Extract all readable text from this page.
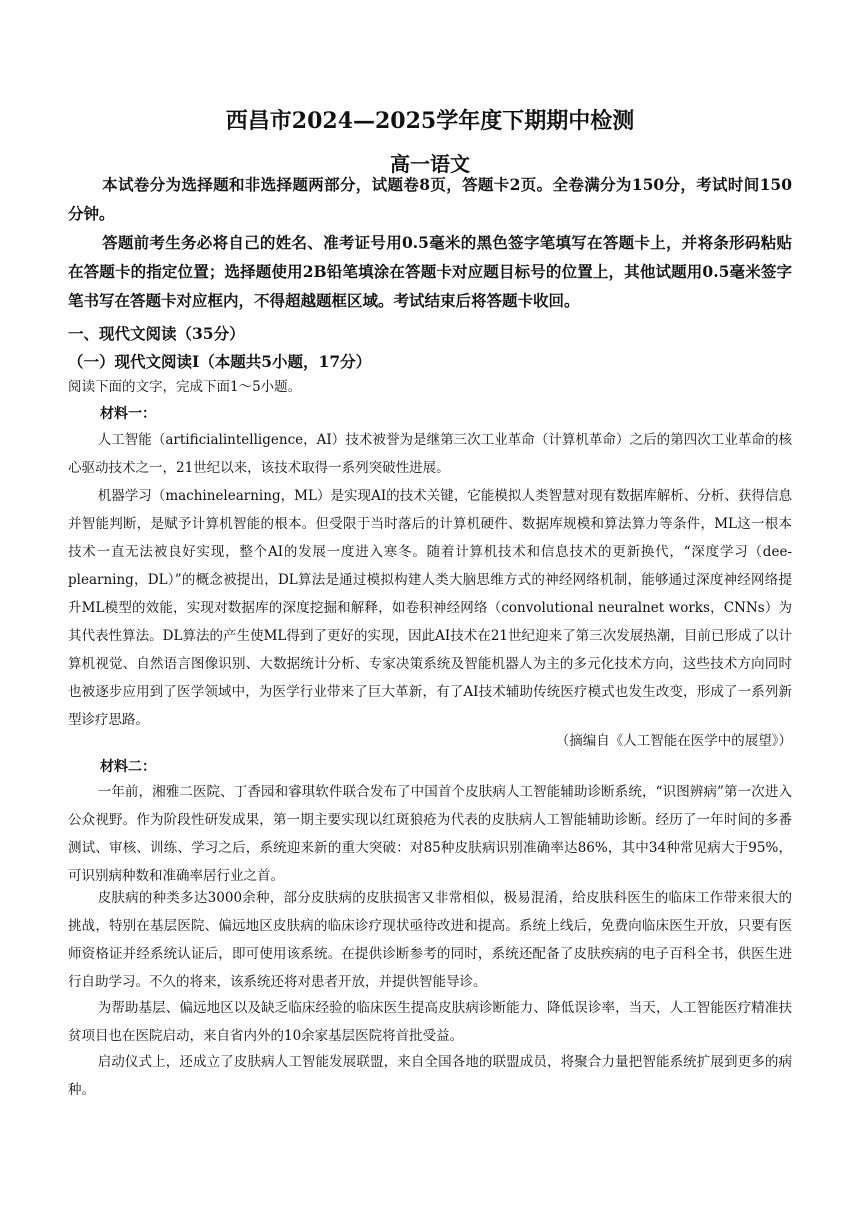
西昌市2024—2025学年度下期期中检测
高一语文

本试卷分为选择题和非选择题两部分，试题卷8页，答题卡2页。全卷满分为150分，考试时间150分钟。

答题前考生务必将自己的姓名、准考证号用0.5毫米的黑色签字笔填写在答题卡上，并将条形码粘贴在答题卡的指定位置；选择题使用2B铅笔填涂在答题卡对应题目标号的位置上，其他试题用0.5毫米签字笔书写在答题卡对应框内，不得超越题框区域。考试结束后将答题卡收回。

一、现代文阅读（35分）
（一）现代文阅读Ⅰ（本题共5小题，17分）
阅读下面的文字，完成下面1～5小题。
材料一：

人工智能（artificialintelligence，AI）技术被誉为是继第三次工业革命（计算机革命）之后的第四次工业革命的核心驱动技术之一，21世纪以来，该技术取得一系列突破性进展。

机器学习（machinelearning，ML）是实现AI的技术关键，它能模拟人类智慧对现有数据库解析、分析、获得信息并智能判断，是赋予计算机智能的根本。但受限于当时落后的计算机硬件、数据库规模和算法算力等条件，ML这一根本技术一直无法被良好实现，整个AI的发展一度进入寒冬。随着计算机技术和信息技术的更新换代，“深度学习（dee-plearning，DL）”的概念被提出，DL算法是通过模拟构建人类大脑思维方式的神经网络机制，能够通过深度神经网络提升ML模型的效能，实现对数据库的深度挖掘和解释，如卷积神经网络（convolutional neuralnet works，CNNs）为其代表性算法。DL算法的产生使ML得到了更好的实现，因此AI技术在21世纪迎来了第三次发展热潮，目前已形成了以计算机视觉、自然语言图像识别、大数据统计分析、专家决策系统及智能机器人为主的多元化技术方向，这些技术方向同时也被逐步应用到了医学领域中，为医学行业带来了巨大革新，有了AI技术辅助传统医疗模式也发生改变，形成了一系列新型诊疗思路。

（摘编自《人工智能在医学中的展望》）
材料二：

一年前，湘雅二医院、丁香园和睿琪软件联合发布了中国首个皮肤病人工智能辅助诊断系统，“识图辨病”第一次进入公众视野。作为阶段性研发成果，第一期主要实现以红斑狼疮为代表的皮肤病人工智能辅助诊断。经历了一年时间的多番测试、审核、训练、学习之后，系统迎来新的重大突破：对85种皮肤病识别准确率达86%，其中34种常见病大于95%，可识别病种数和准确率居行业之首。

皮肤病的种类多达3000余种，部分皮肤病的皮肤损害又非常相似，极易混淆，给皮肤科医生的临床工作带来很大的挑战，特别在基层医院、偏远地区皮肤病的临床诊疗现状亟待改进和提高。系统上线后，免费向临床医生开放，只要有医师资格证并经系统认证后，即可使用该系统。在提供诊断参考的同时，系统还配备了皮肤疾病的电子百科全书，供医生进行自助学习。不久的将来，该系统还将对患者开放，并提供智能导诊。

为帮助基层、偏远地区以及缺乏临床经验的临床医生提高皮肤病诊断能力、降低误诊率，当天，人工智能医疗精准扶贫项目也在医院启动，来自省内外的10余家基层医院将首批受益。

启动仪式上，还成立了皮肤病人工智能发展联盟，来自全国各地的联盟成员，将聚合力量把智能系统扩展到更多的病种。
